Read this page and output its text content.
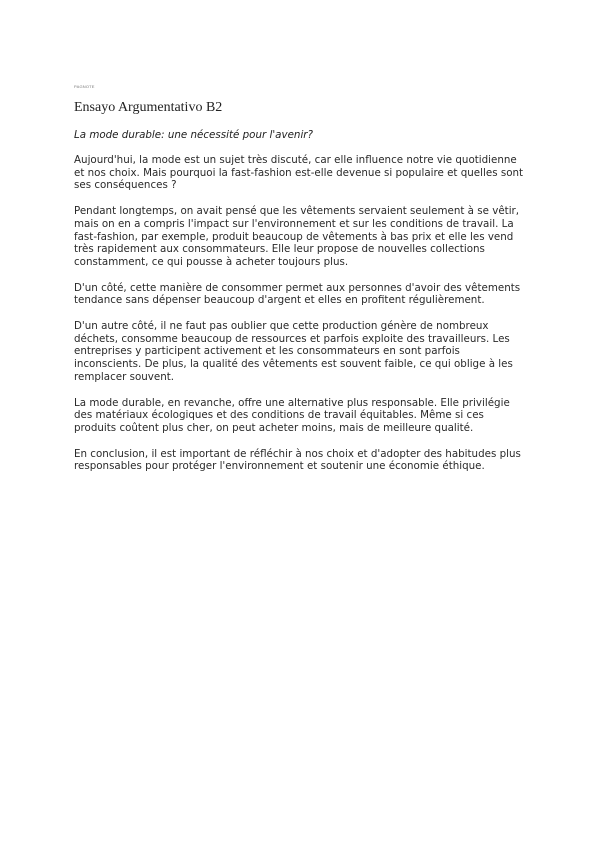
PAGNOTE
Ensayo Argumentativo B2

La mode durable: une nécessité pour l'avenir?

Aujourd'hui, la mode est un sujet très discuté, car elle influence notre vie quotidienne et nos choix. Mais pourquoi la fast-fashion est-elle devenue si populaire et quelles sont ses conséquences ?

Pendant longtemps, on avait pensé que les vêtements servaient seulement à se vêtir, mais on en a compris l'impact sur l'environnement et sur les conditions de travail. La fast-fashion, par exemple, produit beaucoup de vêtements à bas prix et elle les vend très rapidement aux consommateurs. Elle leur propose de nouvelles collections constamment, ce qui pousse à acheter toujours plus.

D'un côté, cette manière de consommer permet aux personnes d'avoir des vêtements tendance sans dépenser beaucoup d'argent et elles en profitent régulièrement.

D'un autre côté, il ne faut pas oublier que cette production génère de nombreux déchets, consomme beaucoup de ressources et parfois exploite des travailleurs. Les entreprises y participent activement et les consommateurs en sont parfois inconscients. De plus, la qualité des vêtements est souvent faible, ce qui oblige à les remplacer souvent.

La mode durable, en revanche, offre une alternative plus responsable. Elle privilégie des matériaux écologiques et des conditions de travail équitables. Même si ces produits coûtent plus cher, on peut acheter moins, mais de meilleure qualité.

En conclusion, il est important de réfléchir à nos choix et d'adopter des habitudes plus responsables pour protéger l'environnement et soutenir une économie éthique.
